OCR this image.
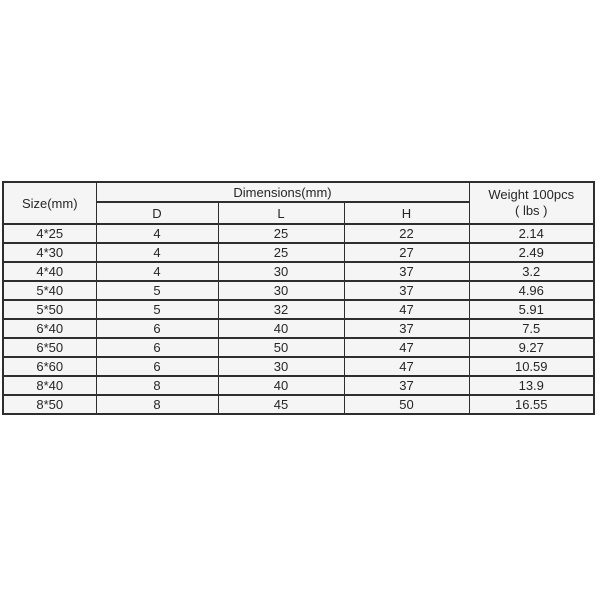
Size(mm)	Dimensions(mm)			Weight 100pcs
( lbs )
	D	L	H	
4*25	4	25	22	2.14
4*30	4	25	27	2.49
4*40	4	30	37	3.2
5*40	5	30	37	4.96
5*50	5	32	47	5.91
6*40	6	40	37	7.5
6*50	6	50	47	9.27
6*60	6	30	47	10.59
8*40	8	40	37	13.9
8*50	8	45	50	16.55
